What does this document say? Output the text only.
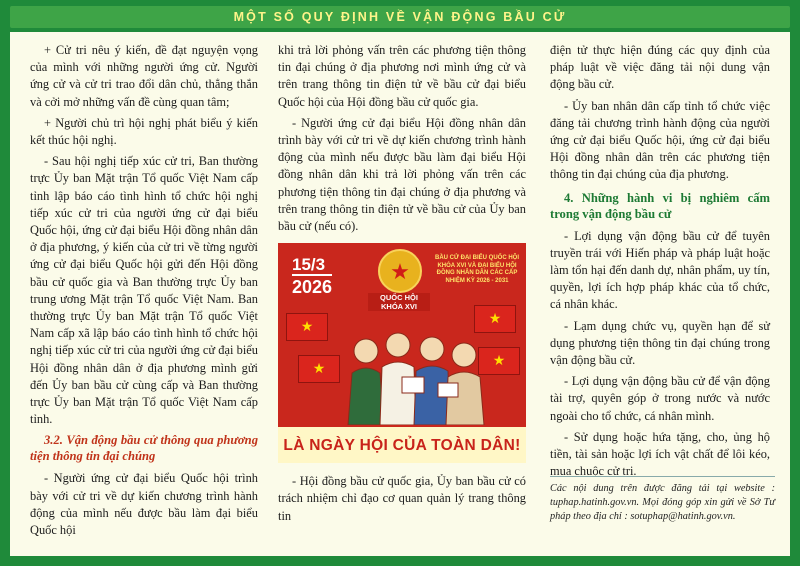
MỘT SỐ QUY ĐỊNH VỀ VẬN ĐỘNG BẦU CỬ

+ Cử tri nêu ý kiến, đề đạt nguyện vọng của mình với những người ứng cử. Người ứng cử và cử tri trao đổi dân chủ, thẳng thắn và cởi mở những vấn đề cùng quan tâm;

+ Người chủ trì hội nghị phát biểu ý kiến kết thúc hội nghị.

- Sau hội nghị tiếp xúc cử tri, Ban thường trực Ủy ban Mặt trận Tổ quốc Việt Nam cấp tỉnh lập báo cáo tình hình tổ chức hội nghị tiếp xúc cử tri của người ứng cử đại biểu Quốc hội, ứng cử đại biểu Hội đồng nhân dân ở địa phương, ý kiến của cử tri về từng người ứng cử đại biểu Quốc hội gửi đến Hội đồng bầu cử quốc gia và Ban thường trực Ủy ban trung ương Mặt trận Tổ quốc Việt Nam. Ban thường trực Ủy ban Mặt trận Tổ quốc Việt Nam cấp xã lập báo cáo tình hình tổ chức hội nghị tiếp xúc cử tri của người ứng cử đại biểu Hội đồng nhân dân ở địa phương mình gửi đến Ủy ban bầu cử cùng cấp và Ban thường trực Ủy ban Mặt trận Tổ quốc Việt Nam cấp tỉnh.

3.2. Vận động bầu cử thông qua phương tiện thông tin đại chúng

- Người ứng cử đại biểu Quốc hội trình bày với cử tri về dự kiến chương trình hành động của mình nếu được bầu làm đại biểu Quốc hội

khi trả lời phỏng vấn trên các phương tiện thông tin đại chúng ở địa phương nơi mình ứng cử và trên trang thông tin điện tử về bầu cử đại biểu Quốc hội của Hội đồng bầu cử quốc gia.

- Người ứng cử đại biểu Hội đồng nhân dân trình bày với cử tri về dự kiến chương trình hành động của mình nếu được bầu làm đại biểu Hội đồng nhân dân khi trả lời phỏng vấn trên các phương tiện thông tin đại chúng ở địa phương và trên trang thông tin điện tử về bầu cử của Ủy ban bầu cử (nếu có).

15/3
2026
★
QUỐC HỘI KHÓA XVI
BẦU CỬ ĐẠI BIỂU QUỐC HỘI KHÓA XVI VÀ ĐẠI BIỂU HỘI ĐỒNG NHÂN DÂN CÁC CẤP NHIỆM KỲ 2026 - 2031
★
★
★
★
LÀ NGÀY HỘI CỦA TOÀN DÂN!

- Hội đồng bầu cử quốc gia, Ủy ban bầu cử có trách nhiệm chỉ đạo cơ quan quản lý trang thông tin

điện tử thực hiện đúng các quy định của pháp luật về việc đăng tải nội dung vận động bầu cử.

- Ủy ban nhân dân cấp tỉnh tổ chức việc đăng tải chương trình hành động của người ứng cử đại biểu Quốc hội, ứng cử đại biểu Hội đồng nhân dân trên các phương tiện thông tin đại chúng của địa phương.

4. Những hành vi bị nghiêm cấm trong vận động bầu cử

- Lợi dụng vận động bầu cử để tuyên truyền trái với Hiến pháp và pháp luật hoặc làm tổn hại đến danh dự, nhân phẩm, uy tín, quyền, lợi ích hợp pháp khác của tổ chức, cá nhân khác.

- Lạm dụng chức vụ, quyền hạn để sử dụng phương tiện thông tin đại chúng trong vận động bầu cử.

- Lợi dụng vận động bầu cử để vận động tài trợ, quyên góp ở trong nước và nước ngoài cho tổ chức, cá nhân mình.

- Sử dụng hoặc hứa tặng, cho, ủng hộ tiền, tài sản hoặc lợi ích vật chất để lôi kéo, mua chuộc cử tri.

Các nội dung trên được đăng tải tại website : tuphap.hatinh.gov.vn. Mọi đóng góp xin gửi về Sở Tư pháp theo địa chỉ : sotuphap@hatinh.gov.vn.
